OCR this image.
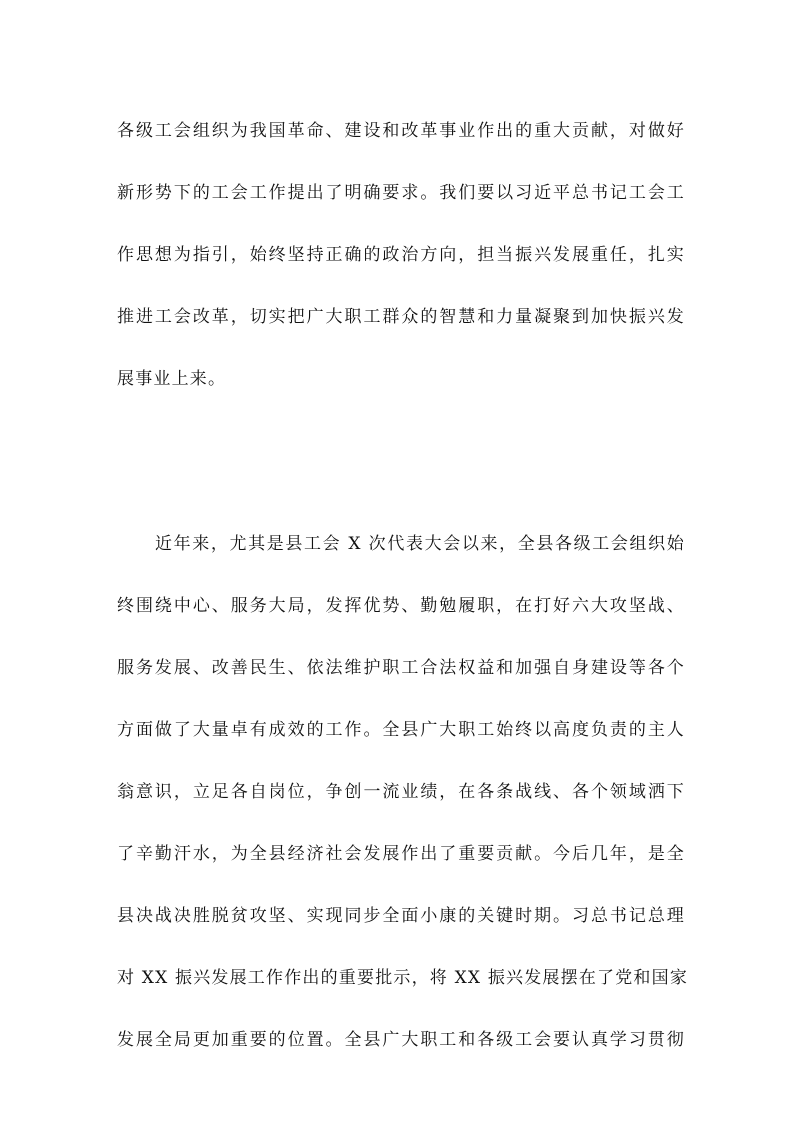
各级工会组织为我国革命、建设和改革事业作出的重大贡献，对做好

新形势下的工会工作提出了明确要求。我们要以习近平总书记工会工

作思想为指引，始终坚持正确的政治方向，担当振兴发展重任，扎实

推进工会改革，切实把广大职工群众的智慧和力量凝聚到加快振兴发

展事业上来。

近年来，尤其是县工会 X 次代表大会以来，全县各级工会组织始

终围绕中心、服务大局，发挥优势、勤勉履职，在打好六大攻坚战、

服务发展、改善民生、依法维护职工合法权益和加强自身建设等各个

方面做了大量卓有成效的工作。全县广大职工始终以高度负责的主人

翁意识，立足各自岗位，争创一流业绩，在各条战线、各个领域洒下

了辛勤汗水，为全县经济社会发展作出了重要贡献。今后几年，是全

县决战决胜脱贫攻坚、实现同步全面小康的关键时期。习总书记总理

对 XX 振兴发展工作作出的重要批示，将 XX 振兴发展摆在了党和国家

发展全局更加重要的位置。全县广大职工和各级工会要认真学习贯彻
